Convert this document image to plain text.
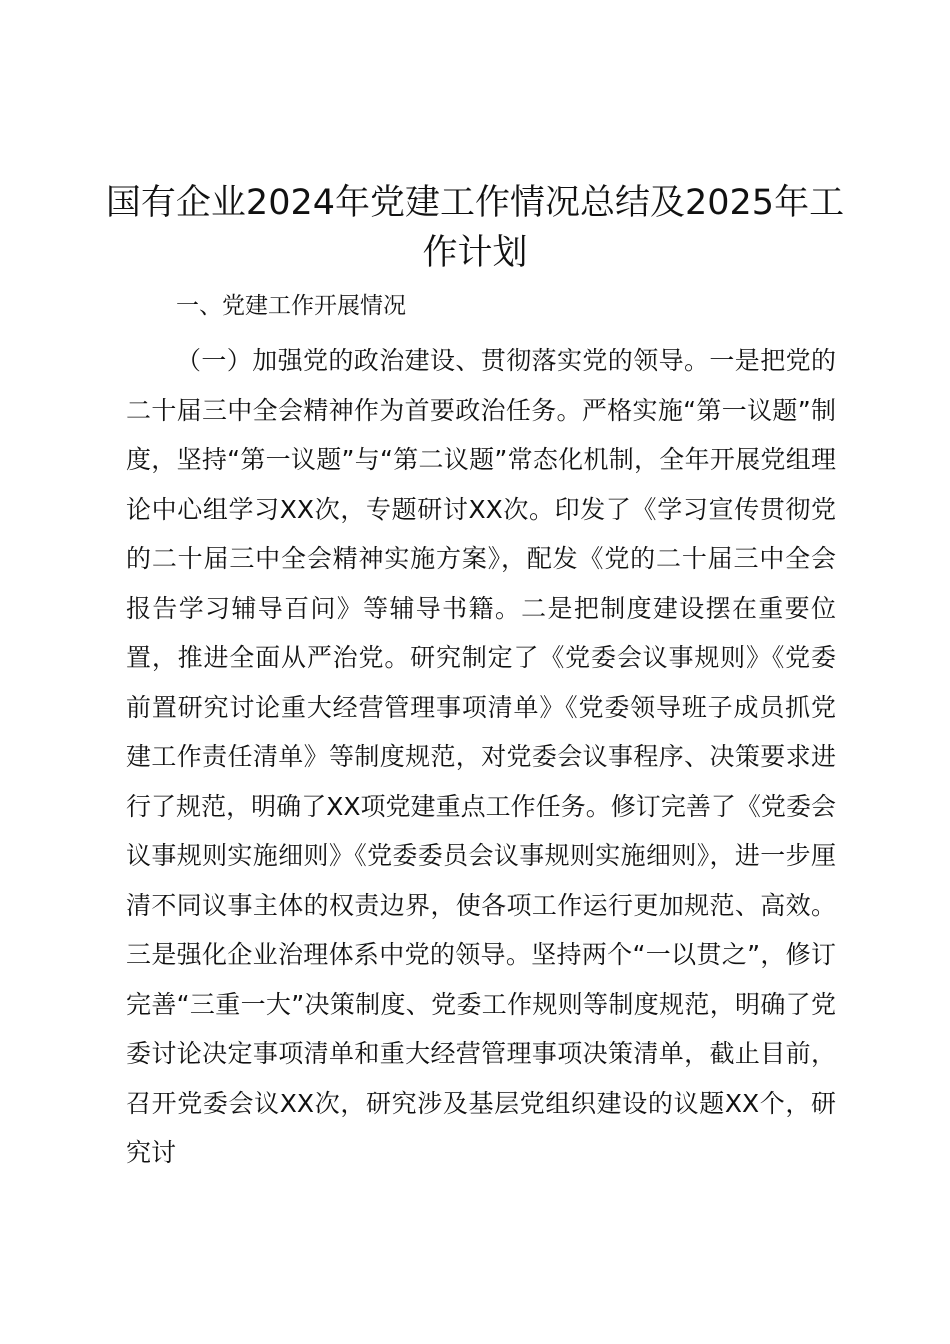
国有企业2024年党建工作情况总结及2025年工作计划

一、党建工作开展情况

（一）加强党的政治建设、贯彻落实党的领导。一是把党的二十届三中全会精神作为首要政治任务。严格实施“第一议题”制度，坚持“第一议题”与“第二议题”常态化机制，全年开展党组理论中心组学习XX次，专题研讨XX次。印发了《学习宣传贯彻党的二十届三中全会精神实施方案》，配发《党的二十届三中全会报告学习辅导百问》等辅导书籍。二是把制度建设摆在重要位置，推进全面从严治党。研究制定了《党委会议事规则》《党委前置研究讨论重大经营管理事项清单》《党委领导班子成员抓党建工作责任清单》等制度规范，对党委会议事程序、决策要求进行了规范，明确了XX项党建重点工作任务。修订完善了《党委会议事规则实施细则》《党委委员会议事规则实施细则》，进一步厘清不同议事主体的权责边界，使各项工作运行更加规范、高效。三是强化企业治理体系中党的领导。坚持两个“一以贯之”，修订完善“三重一大”决策制度、党委工作规则等制度规范，明确了党委讨论决定事项清单和重大经营管理事项决策清单，截止目前，召开党委会议XX次，研究涉及基层党组织建设的议题XX个，研究讨
